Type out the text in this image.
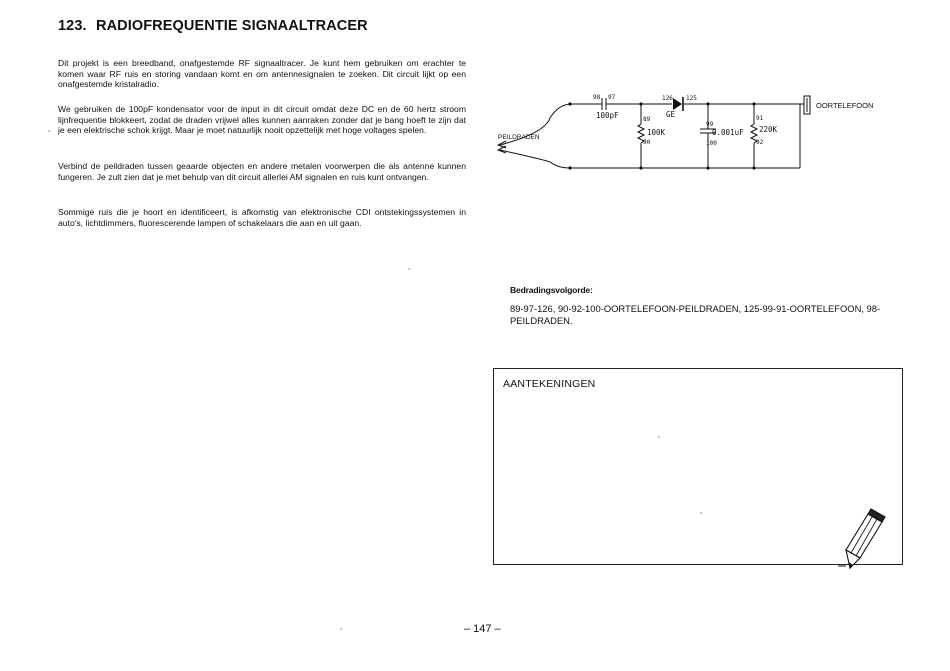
123. RADIOFREQUENTIE SIGNAALTRACER

Dit projekt is een breedband, onafgestemde RF signaaltracer. Je kunt hem gebruiken om erachter te komen waar RF ruis en storing vandaan komt en om antennesignalen te zoeken. Dit circuit lijkt op een onafgestemde kristalradio.

We gebruiken de 100pF kondensator voor de input in dit circuit omdat deze DC en de 60 hertz stroom lijnfrequentie blokkeert, zodat de draden vrijwel alles kunnen aanraken zonder dat je bang hoeft te zijn dat je een elektrische schok krijgt. Maar je moet natuurlijk nooit opzettelijk met hoge voltages spelen.

Verbind de peildraden tussen geaarde objecten en andere metalen voorwerpen die als antenne kunnen fungeren. Je zult zien dat je met behulp van dit circuit allerlei AM signalen en ruis kunt ontvangen.

Sommige ruis die je hoort en identificeert, is afkomstig van elektronische CDI ontstekingssystemen in auto's, lichtdimmers, fluorescerende lampen of schakelaars die aan en uit gaan.

PEILDRADEN
OORTELEFOON
98 97
100pF
126 125
GE
89
100K
90
99
0.001uF
100
91
220K
92
Bedradingsvolgorde:

89-97-126, 90-92-100-OORTELEFOON-PEILDRADEN, 125-99-91-OORTELEFOON, 98-PEILDRADEN.

AANTEKENINGEN
– 147 –
